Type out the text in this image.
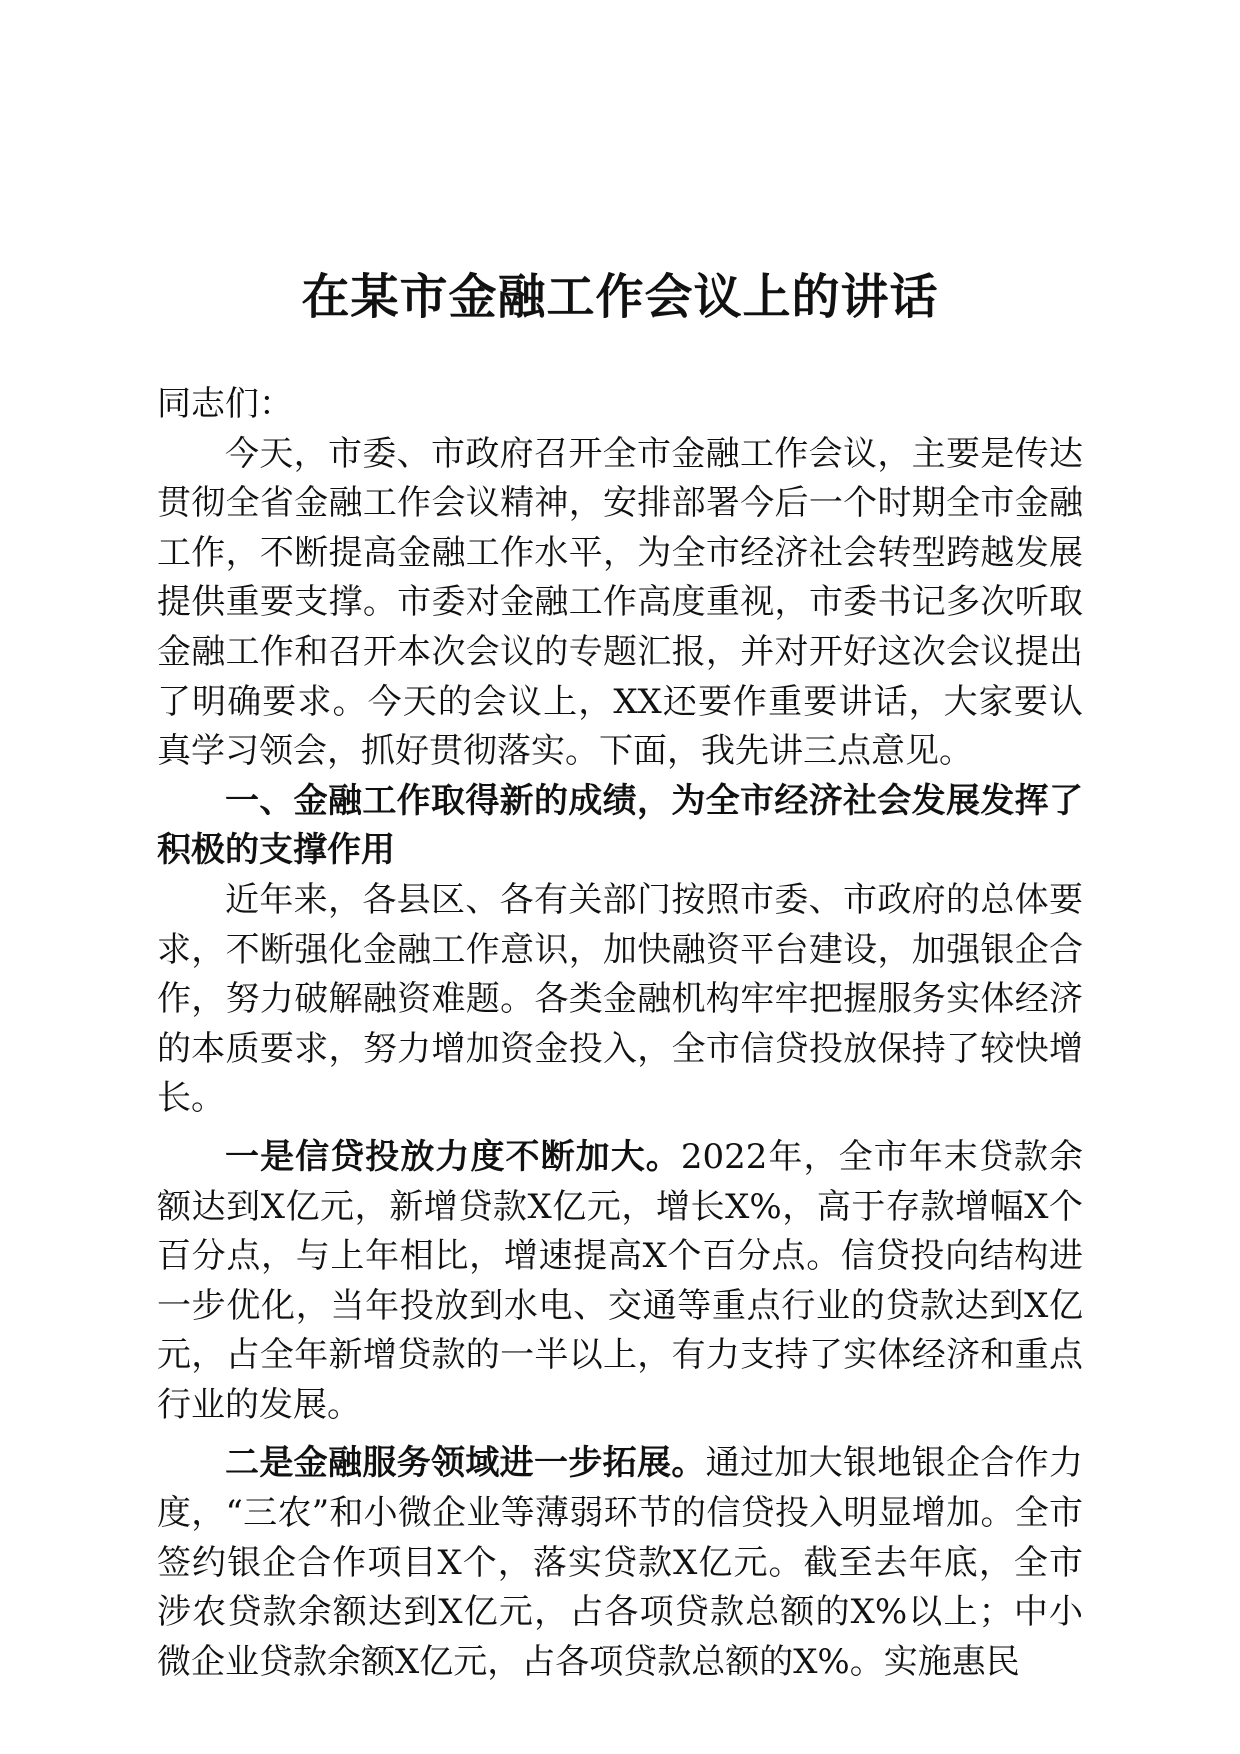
在某市金融工作会议上的讲话

同志们：

今天，市委、市政府召开全市金融工作会议，主要是传达贯彻全省金融工作会议精神，安排部署今后一个时期全市金融工作，不断提高金融工作水平，为全市经济社会转型跨越发展提供重要支撑。市委对金融工作高度重视，市委书记多次听取金融工作和召开本次会议的专题汇报，并对开好这次会议提出了明确要求。今天的会议上，XX还要作重要讲话，大家要认真学习领会，抓好贯彻落实。下面，我先讲三点意见。

一、金融工作取得新的成绩，为全市经济社会发展发挥了积极的支撑作用

近年来，各县区、各有关部门按照市委、市政府的总体要求，不断强化金融工作意识，加快融资平台建设，加强银企合作，努力破解融资难题。各类金融机构牢牢把握服务实体经济的本质要求，努力增加资金投入，全市信贷投放保持了较快增长。

一是信贷投放力度不断加大。2022年，全市年末贷款余额达到X亿元，新增贷款X亿元，增长X%，高于存款增幅X个百分点，与上年相比，增速提高X个百分点。信贷投向结构进一步优化，当年投放到水电、交通等重点行业的贷款达到X亿元，占全年新增贷款的一半以上，有力支持了实体经济和重点行业的发展。

二是金融服务领域进一步拓展。通过加大银地银企合作力度，“三农”和小微企业等薄弱环节的信贷投入明显增加。全市签约银企合作项目X个，落实贷款X亿元。截至去年底，全市涉农贷款余额达到X亿元，占各项贷款总额的X%以上；中小微企业贷款余额X亿元，占各项贷款总额的X%。实施惠民
